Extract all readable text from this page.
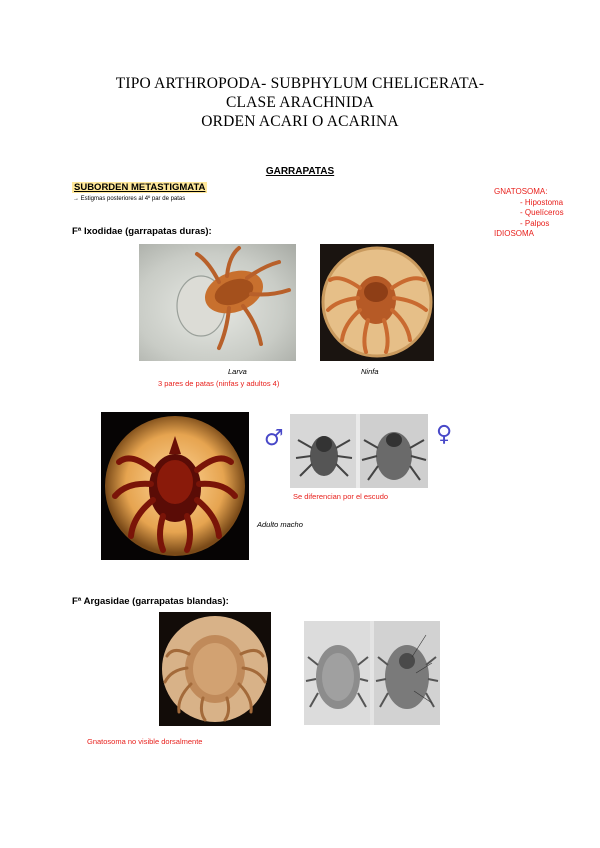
TIPO ARTHROPODA- SUBPHYLUM CHELICERATA-
CLASE ARACHNIDA
ORDEN ACARI O ACARINA
GARRAPATAS
SUBORDEN METASTIGMATA
→ Estigmas posteriores al 4º par de patas
GNATOSOMA:
- Hipostoma
- Quelíceros
- Palpos
IDIOSOMA
Fª Ixodidae (garrapatas duras):
Larva	Ninfa
3 pares de patas (ninfas y adultos 4)
♂	♀
Se diferencian por el escudo
Adulto macho
Fª Argasidae (garrapatas blandas):
Gnatosoma no visible dorsalmente
